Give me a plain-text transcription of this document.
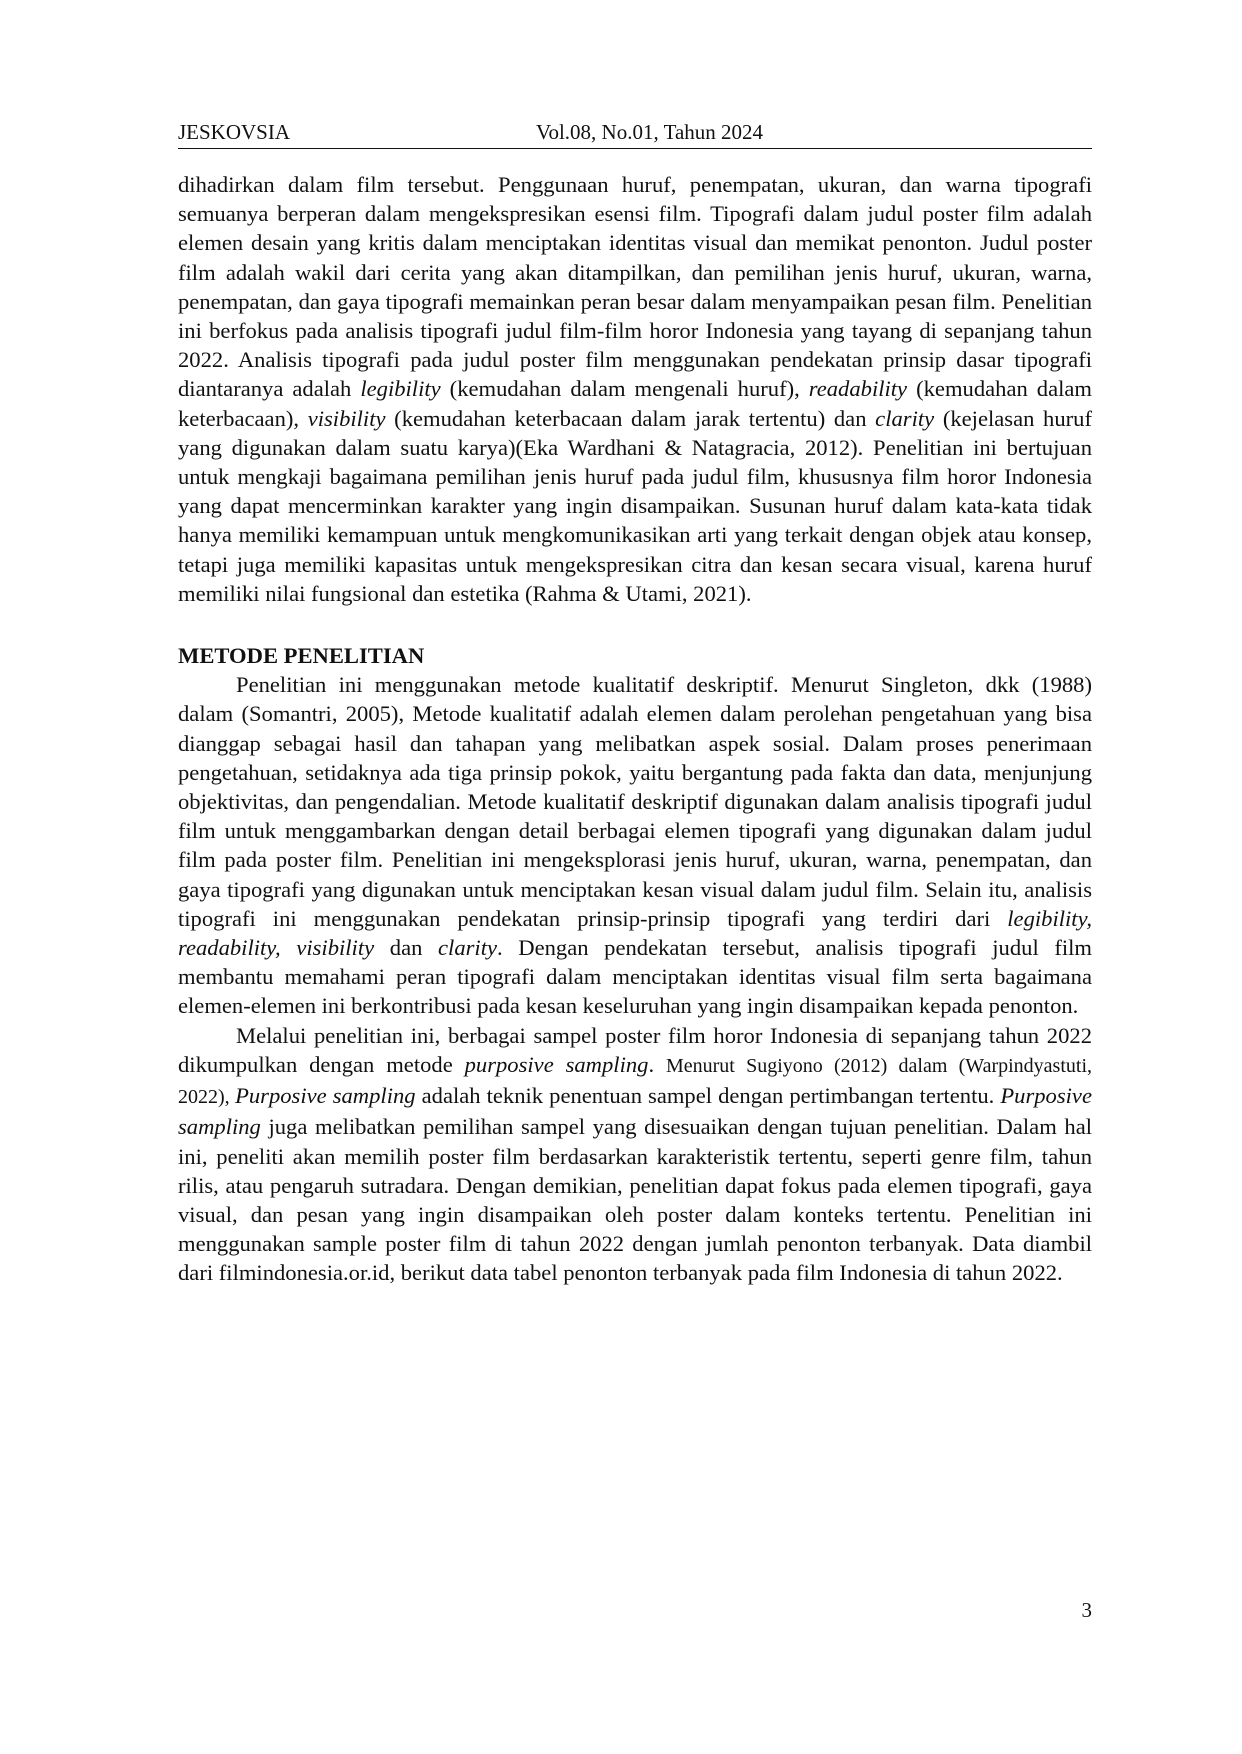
JESKOVSIA	Vol.08, No.01, Tahun 2024

dihadirkan dalam film tersebut. Penggunaan huruf, penempatan, ukuran, dan warna tipografi semuanya berperan dalam mengekspresikan esensi film. Tipografi dalam judul poster film adalah elemen desain yang kritis dalam menciptakan identitas visual dan memikat penonton. Judul poster film adalah wakil dari cerita yang akan ditampilkan, dan pemilihan jenis huruf, ukuran, warna, penempatan, dan gaya tipografi memainkan peran besar dalam menyampaikan pesan film. Penelitian ini berfokus pada analisis tipografi judul film-film horor Indonesia yang tayang di sepanjang tahun 2022. Analisis tipografi pada judul poster film menggunakan pendekatan prinsip dasar tipografi diantaranya adalah legibility (kemudahan dalam mengenali huruf), readability (kemudahan dalam keterbacaan), visibility (kemudahan keterbacaan dalam jarak tertentu) dan clarity (kejelasan huruf yang digunakan dalam suatu karya)(Eka Wardhani & Natagracia, 2012). Penelitian ini bertujuan untuk mengkaji bagaimana pemilihan jenis huruf pada judul film, khususnya film horor Indonesia yang dapat mencerminkan karakter yang ingin disampaikan. Susunan huruf dalam kata-kata tidak hanya memiliki kemampuan untuk mengkomunikasikan arti yang terkait dengan objek atau konsep, tetapi juga memiliki kapasitas untuk mengekspresikan citra dan kesan secara visual, karena huruf memiliki nilai fungsional dan estetika (Rahma & Utami, 2021).

METODE PENELITIAN

Penelitian ini menggunakan metode kualitatif deskriptif. Menurut Singleton, dkk (1988) dalam (Somantri, 2005), Metode kualitatif adalah elemen dalam perolehan pengetahuan yang bisa dianggap sebagai hasil dan tahapan yang melibatkan aspek sosial. Dalam proses penerimaan pengetahuan, setidaknya ada tiga prinsip pokok, yaitu bergantung pada fakta dan data, menjunjung objektivitas, dan pengendalian. Metode kualitatif deskriptif digunakan dalam analisis tipografi judul film untuk menggambarkan dengan detail berbagai elemen tipografi yang digunakan dalam judul film pada poster film. Penelitian ini mengeksplorasi jenis huruf, ukuran, warna, penempatan, dan gaya tipografi yang digunakan untuk menciptakan kesan visual dalam judul film. Selain itu, analisis tipografi ini menggunakan pendekatan prinsip-prinsip tipografi yang terdiri dari legibility, readability, visibility dan clarity. Dengan pendekatan tersebut, analisis tipografi judul film membantu memahami peran tipografi dalam menciptakan identitas visual film serta bagaimana elemen-elemen ini berkontribusi pada kesan keseluruhan yang ingin disampaikan kepada penonton.

Melalui penelitian ini, berbagai sampel poster film horor Indonesia di sepanjang tahun 2022 dikumpulkan dengan metode purposive sampling. Menurut Sugiyono (2012) dalam (Warpindyastuti, 2022), Purposive sampling adalah teknik penentuan sampel dengan pertimbangan tertentu. Purposive sampling juga melibatkan pemilihan sampel yang disesuaikan dengan tujuan penelitian. Dalam hal ini, peneliti akan memilih poster film berdasarkan karakteristik tertentu, seperti genre film, tahun rilis, atau pengaruh sutradara. Dengan demikian, penelitian dapat fokus pada elemen tipografi, gaya visual, dan pesan yang ingin disampaikan oleh poster dalam konteks tertentu. Penelitian ini menggunakan sample poster film di tahun 2022 dengan jumlah penonton terbanyak. Data diambil dari filmindonesia.or.id, berikut data tabel penonton terbanyak pada film Indonesia di tahun 2022.

3
